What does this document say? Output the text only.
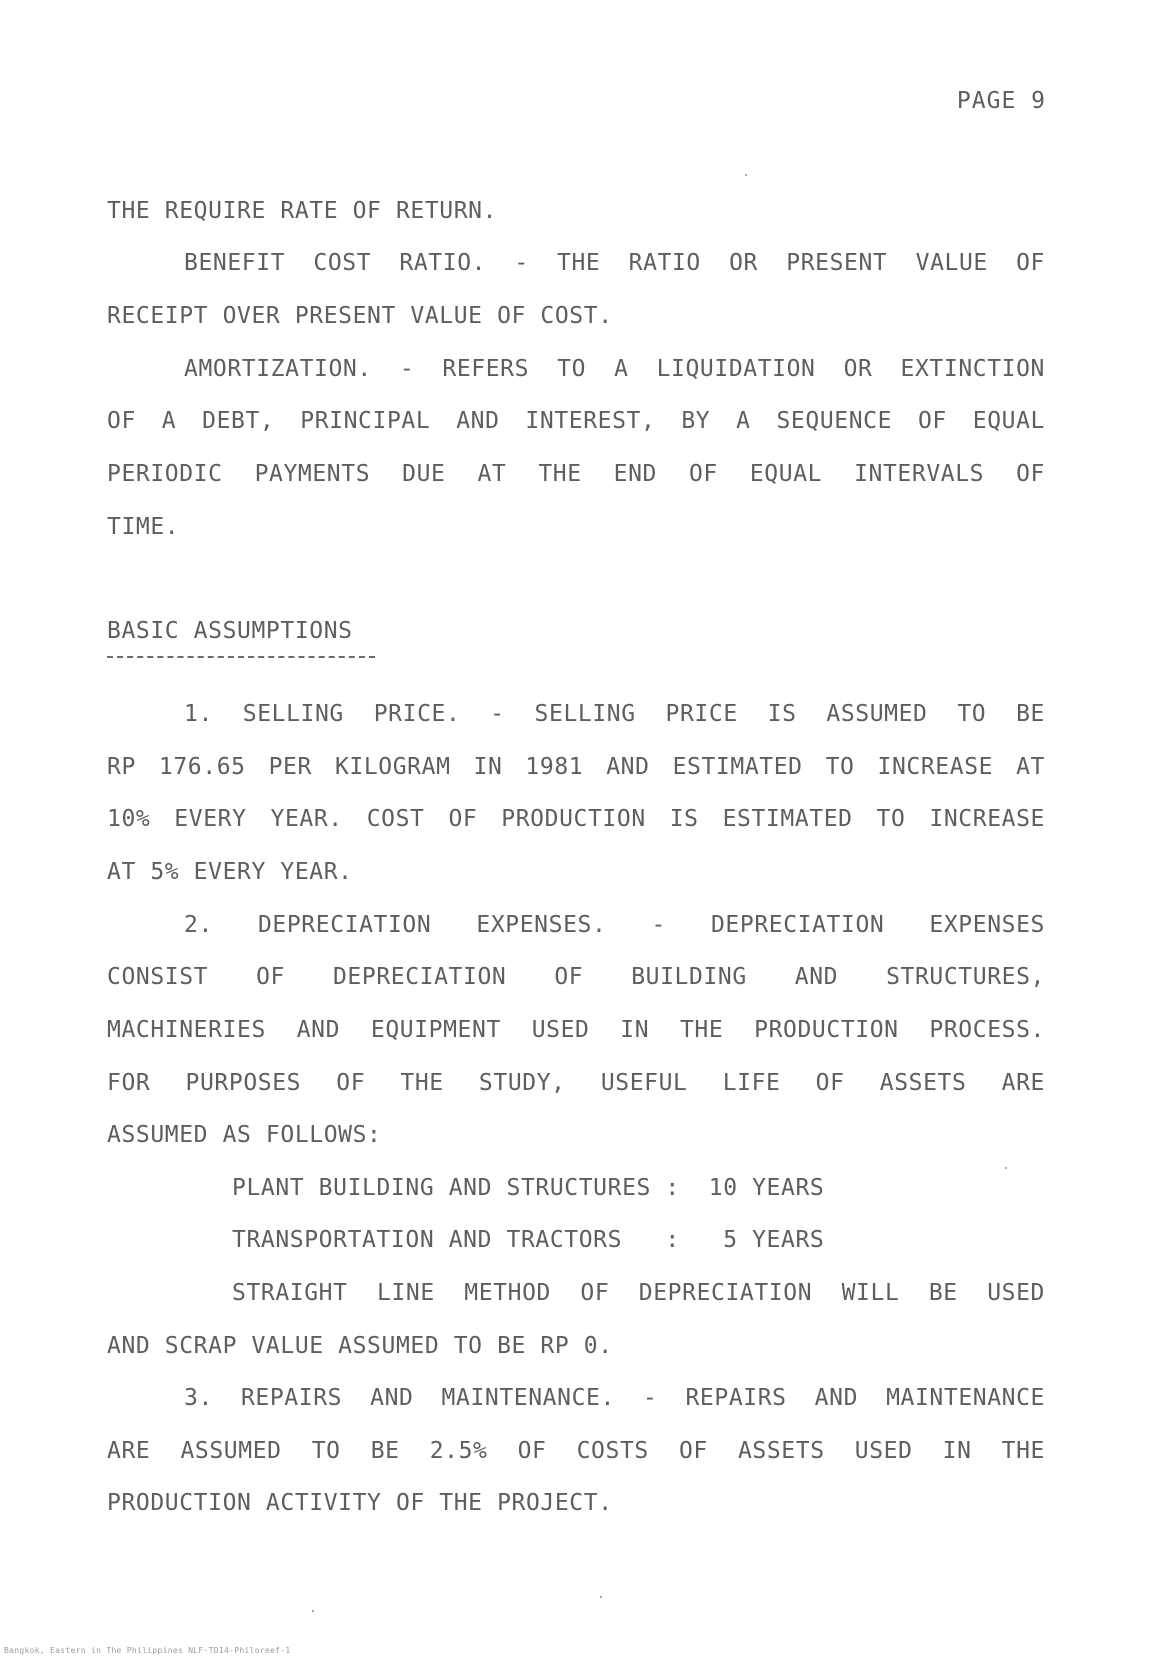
PAGE 9
THE REQUIRE RATE OF RETURN.
BENEFIT COST RATIO. - THE RATIO OR PRESENT VALUE OF
RECEIPT OVER PRESENT VALUE OF COST.
AMORTIZATION. - REFERS TO A LIQUIDATION OR EXTINCTION
OF A DEBT, PRINCIPAL AND INTEREST, BY A SEQUENCE OF EQUAL
PERIODIC PAYMENTS DUE AT THE END OF EQUAL INTERVALS OF
TIME.
BASIC ASSUMPTIONS
1. SELLING PRICE. - SELLING PRICE IS ASSUMED TO BE
RP 176.65 PER KILOGRAM IN 1981 AND ESTIMATED TO INCREASE AT
10% EVERY YEAR. COST OF PRODUCTION IS ESTIMATED TO INCREASE
AT 5% EVERY YEAR.
2. DEPRECIATION EXPENSES. - DEPRECIATION EXPENSES
CONSIST OF DEPRECIATION OF BUILDING AND STRUCTURES,
MACHINERIES AND EQUIPMENT USED IN THE PRODUCTION PROCESS.
FOR PURPOSES OF THE STUDY, USEFUL LIFE OF ASSETS ARE
ASSUMED AS FOLLOWS:
PLANT BUILDING AND STRUCTURES :  10 YEARS
TRANSPORTATION AND TRACTORS   :   5 YEARS
STRAIGHT LINE METHOD OF DEPRECIATION WILL BE USED
AND SCRAP VALUE ASSUMED TO BE RP 0.
3. REPAIRS AND MAINTENANCE. - REPAIRS AND MAINTENANCE
ARE ASSUMED TO BE 2.5% OF COSTS OF ASSETS USED IN THE
PRODUCTION ACTIVITY OF THE PROJECT.
Bangkok, Eastern in The Philippines NLF-TD14-Philoreef-1
